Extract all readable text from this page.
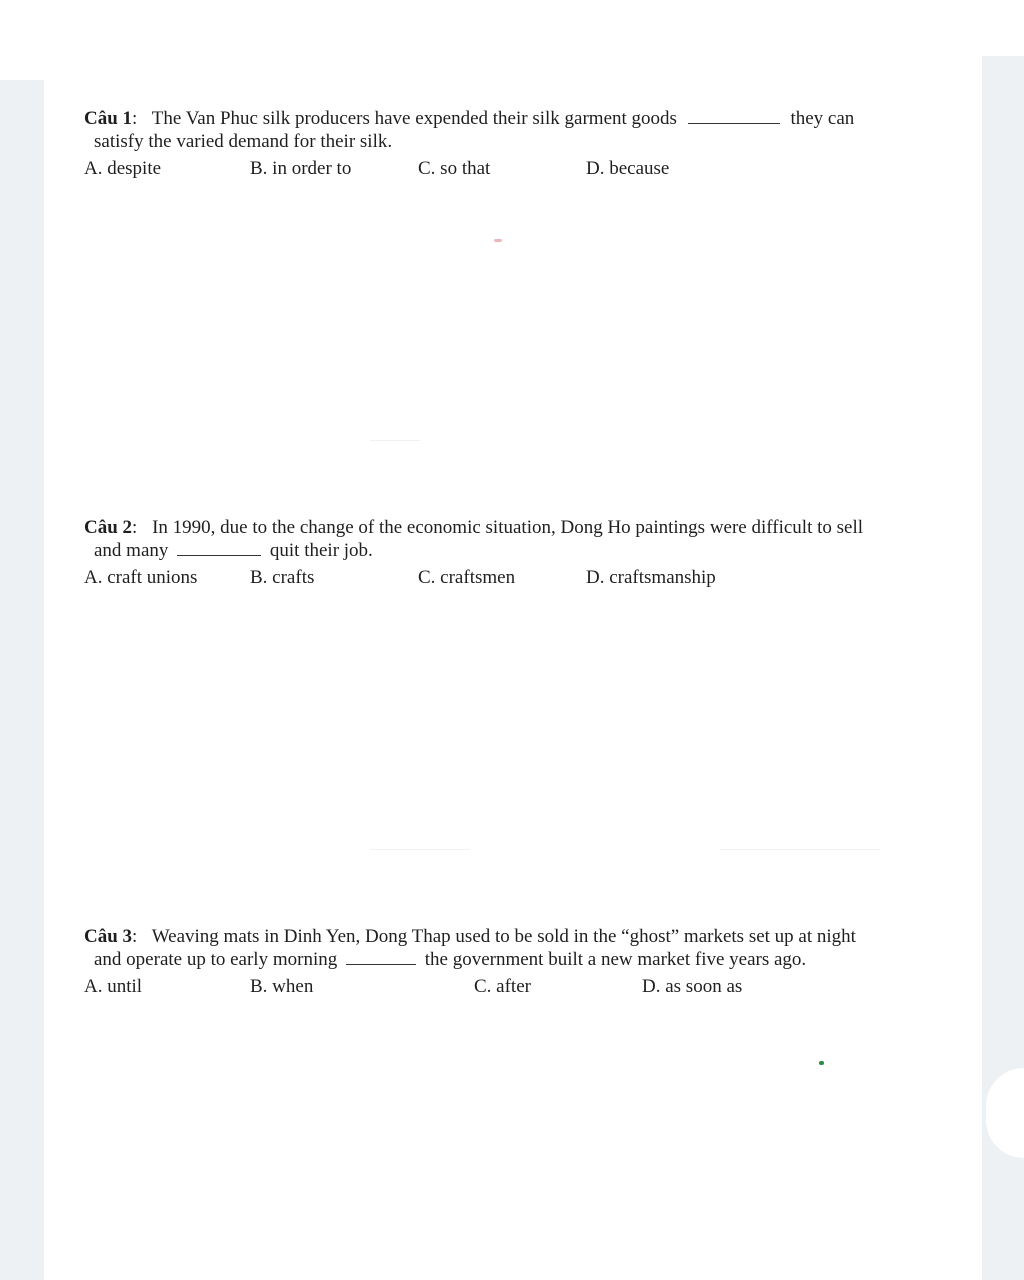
Câu 1: The Van Phuc silk producers have expended their silk garment goods	they can

satisfy the varied demand for their silk.

A. despite	B. in order to	C. so that	D. because

Câu 2: In 1990, due to the change of the economic situation, Dong Ho paintings were difficult to sell

and many	quit their job.

A. craft unions	B. crafts	C. craftsmen	D. craftsmanship

Câu 3: Weaving mats in Dinh Yen, Dong Thap used to be sold in the “ghost” markets set up at night

and operate up to early morning	the government built a new market five years ago.

A. until	B. when	C. after	D. as soon as
